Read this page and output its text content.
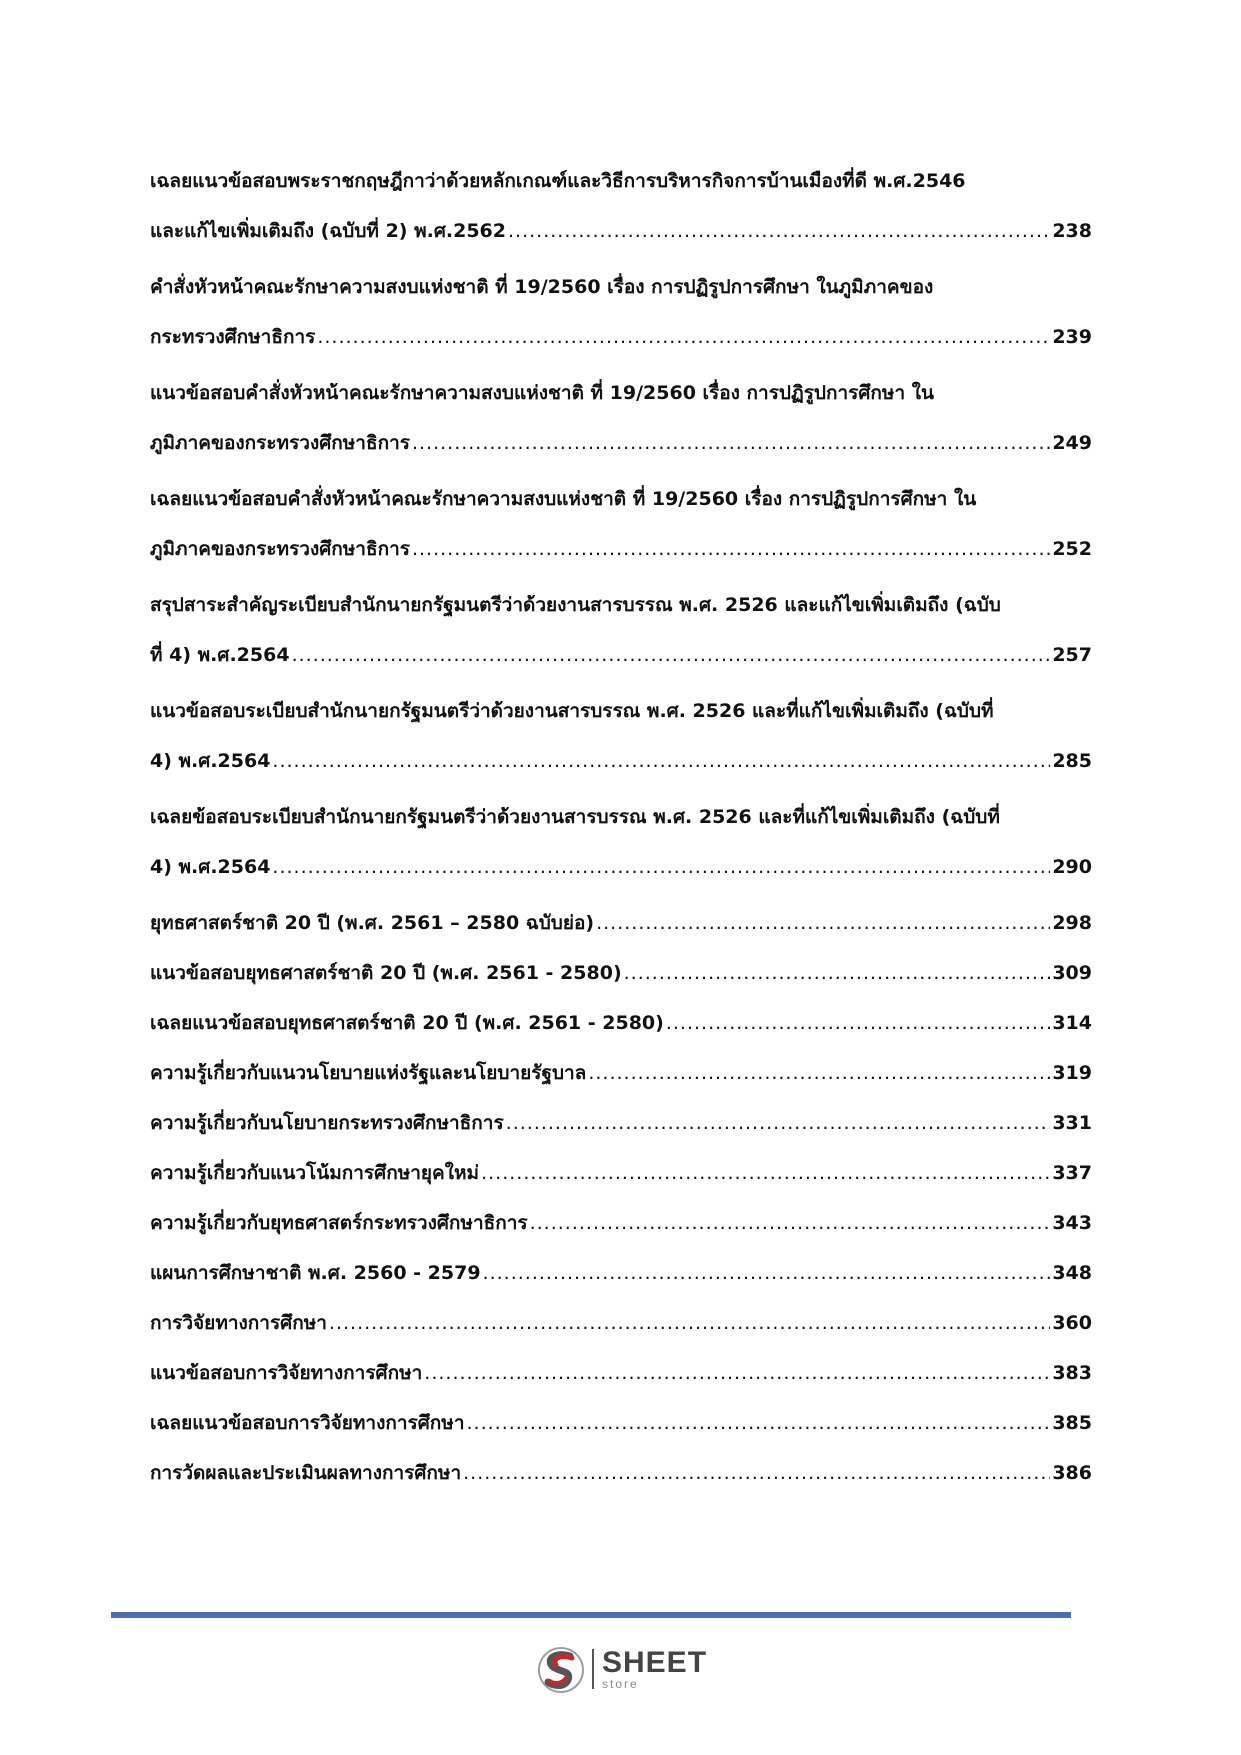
เฉลยแนวข้อสอบพระราชกฤษฎีกาว่าด้วยหลักเกณฑ์และวิธีการบริหารกิจการบ้านเมืองที่ดี พ.ศ.2546
และแก้ไขเพิ่มเติมถึง (ฉบับที่ 2) พ.ศ.2562 .....	238
คำสั่งหัวหน้าคณะรักษาความสงบแห่งชาติ ที่ 19/2560 เรื่อง การปฏิรูปการศึกษา ในภูมิภาคของ
กระทรวงศึกษาธิการ .....	239
แนวข้อสอบคำสั่งหัวหน้าคณะรักษาความสงบแห่งชาติ ที่ 19/2560 เรื่อง การปฏิรูปการศึกษา ใน
ภูมิภาคของกระทรวงศึกษาธิการ .....	249
เฉลยแนวข้อสอบคำสั่งหัวหน้าคณะรักษาความสงบแห่งชาติ ที่ 19/2560 เรื่อง การปฏิรูปการศึกษา ใน
ภูมิภาคของกระทรวงศึกษาธิการ .....	252
สรุปสาระสำคัญระเบียบสำนักนายกรัฐมนตรีว่าด้วยงานสารบรรณ พ.ศ. 2526 และแก้ไขเพิ่มเติมถึง (ฉบับ
ที่ 4) พ.ศ.2564 .....	257
แนวข้อสอบระเบียบสำนักนายกรัฐมนตรีว่าด้วยงานสารบรรณ พ.ศ. 2526 และที่แก้ไขเพิ่มเติมถึง (ฉบับที่
4) พ.ศ.2564 .....	285
เฉลยข้อสอบระเบียบสำนักนายกรัฐมนตรีว่าด้วยงานสารบรรณ พ.ศ. 2526 และที่แก้ไขเพิ่มเติมถึง (ฉบับที่
4) พ.ศ.2564 .....	290
ยุทธศาสตร์ชาติ 20 ปี (พ.ศ. 2561 – 2580 ฉบับย่อ) .....	298
แนวข้อสอบยุทธศาสตร์ชาติ 20 ปี (พ.ศ. 2561 - 2580) .....	309
เฉลยแนวข้อสอบยุทธศาสตร์ชาติ 20 ปี (พ.ศ. 2561 - 2580) .....	314
ความรู้เกี่ยวกับแนวนโยบายแห่งรัฐและนโยบายรัฐบาล .....	319
ความรู้เกี่ยวกับนโยบายกระทรวงศึกษาธิการ .....	331
ความรู้เกี่ยวกับแนวโน้มการศึกษายุคใหม่ .....	337
ความรู้เกี่ยวกับยุทธศาสตร์กระทรวงศึกษาธิการ .....	343
แผนการศึกษาชาติ พ.ศ. 2560 - 2579 .....	348
การวิจัยทางการศึกษา .....	360
แนวข้อสอบการวิจัยทางการศึกษา .....	383
เฉลยแนวข้อสอบการวิจัยทางการศึกษา .....	385
การวัดผลและประเมินผลทางการศึกษา .....	386
SHEET
store
